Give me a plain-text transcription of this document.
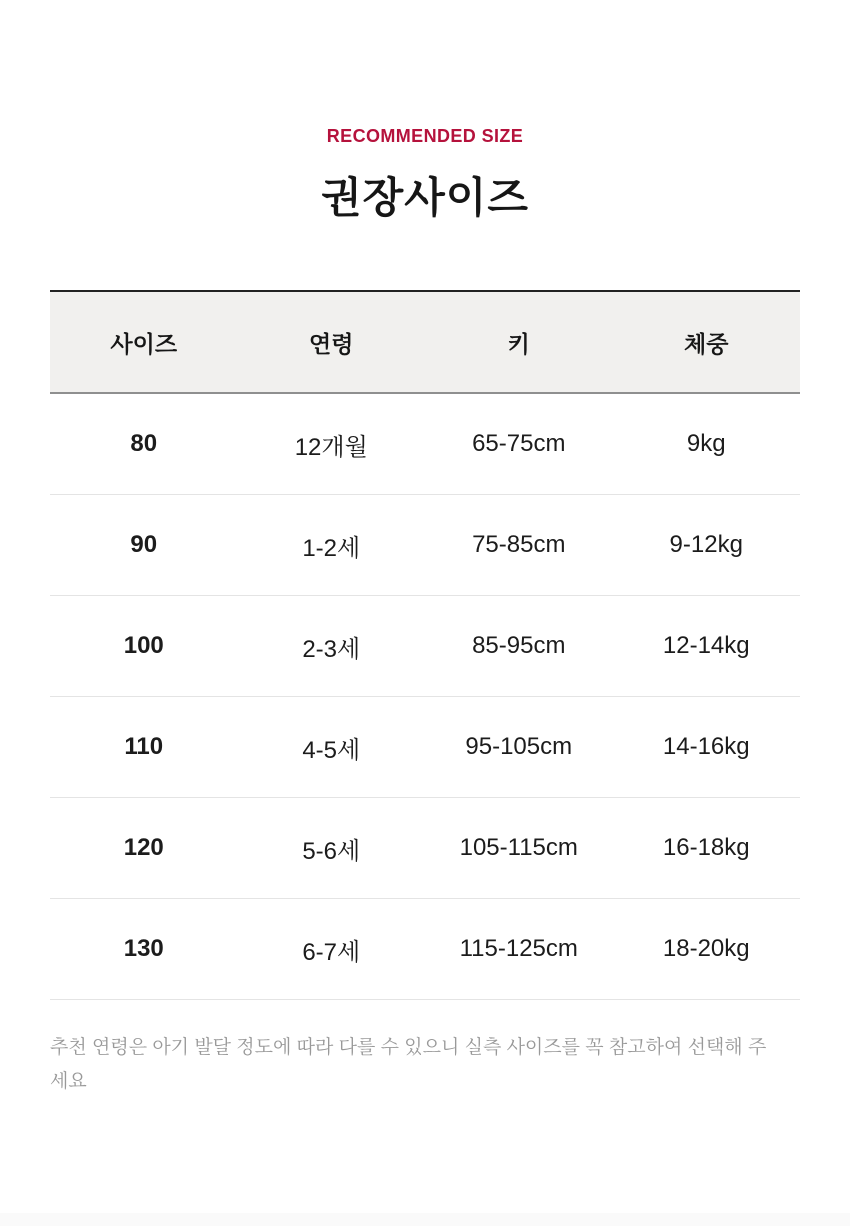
RECOMMENDED SIZE
권장사이즈
사이즈	연령	키	체중
80	12개월	65-75cm	9kg
90	1-2세	75-85cm	9-12kg
100	2-3세	85-95cm	12-14kg
110	4-5세	95-105cm	14-16kg
120	5-6세	105-115cm	16-18kg
130	6-7세	115-125cm	18-20kg

추천 연령은 아기 발달 정도에 따라 다를 수 있으니 실측 사이즈를 꼭 참고하여 선택해 주세요
